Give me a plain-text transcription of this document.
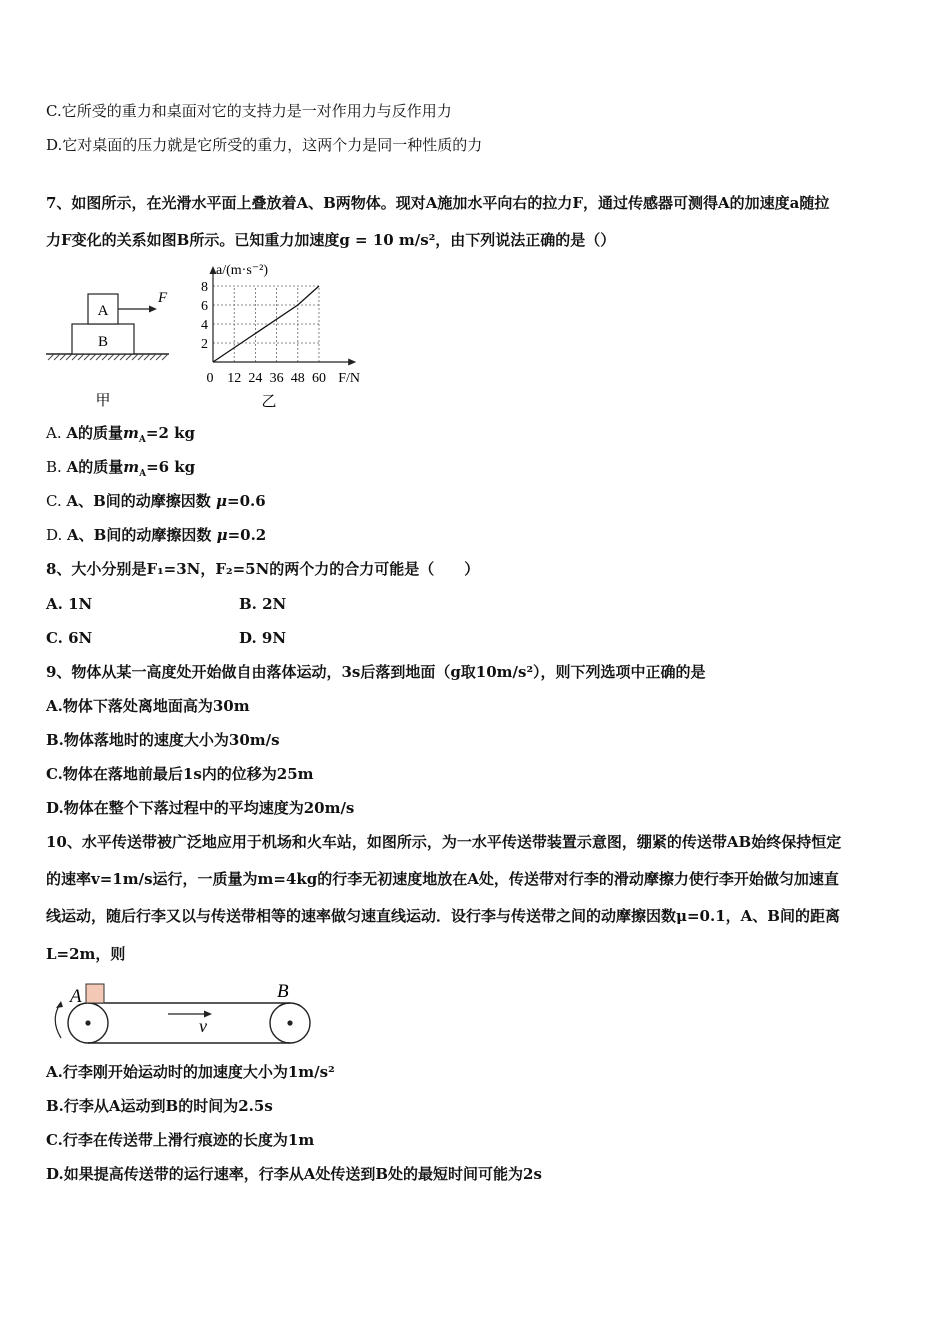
C.它所受的重力和桌面对它的支持力是一对作用力与反作用力
D.它对桌面的压力就是它所受的重力，这两个力是同一种性质的力
7、如图所示，在光滑水平面上叠放着A、B两物体。现对A施加水平向右的拉力F，通过传感器可测得A的加速度a随拉
力F变化的关系如图B所示。已知重力加速度g = 10 m/s²，由下列说法正确的是（）
A
B
F
甲
0 12 24 36 48 60
2
4
6
8
a/(m·s⁻²)
F/N
乙
A. A的质量$m_A=2$ kg
B. A的质量$m_A=6$ kg
C. A、B间的动摩擦因数 μ=0.6
D. A、B间的动摩擦因数 μ=0.2
8、大小分别是F₁=3N，F₂=5N的两个力的合力可能是（　　）
A. 1N	B. 2N
C. 6N	D. 9N
9、物体从某一高度处开始做自由落体运动，3s后落到地面（g取10m/s²），则下列选项中正确的是
A.物体下落处离地面高为30m
B.物体落地时的速度大小为30m/s
C.物体在落地前最后1s内的位移为25m
D.物体在整个下落过程中的平均速度为20m/s
10、水平传送带被广泛地应用于机场和火车站，如图所示，为一水平传送带装置示意图，绷紧的传送带AB始终保持恒定
的速率v=1m/s运行，一质量为m=4kg的行李无初速度地放在A处，传送带对行李的滑动摩擦力使行李开始做匀加速直
线运动，随后行李又以与传送带相等的速率做匀速直线运动．设行李与传送带之间的动摩擦因数μ=0.1，A、B间的距离
L=2m，则
A	B
v
A.行李刚开始运动时的加速度大小为1m/s²
B.行李从A运动到B的时间为2.5s
C.行李在传送带上滑行痕迹的长度为1m
D.如果提高传送带的运行速率，行李从A处传送到B处的最短时间可能为2s
